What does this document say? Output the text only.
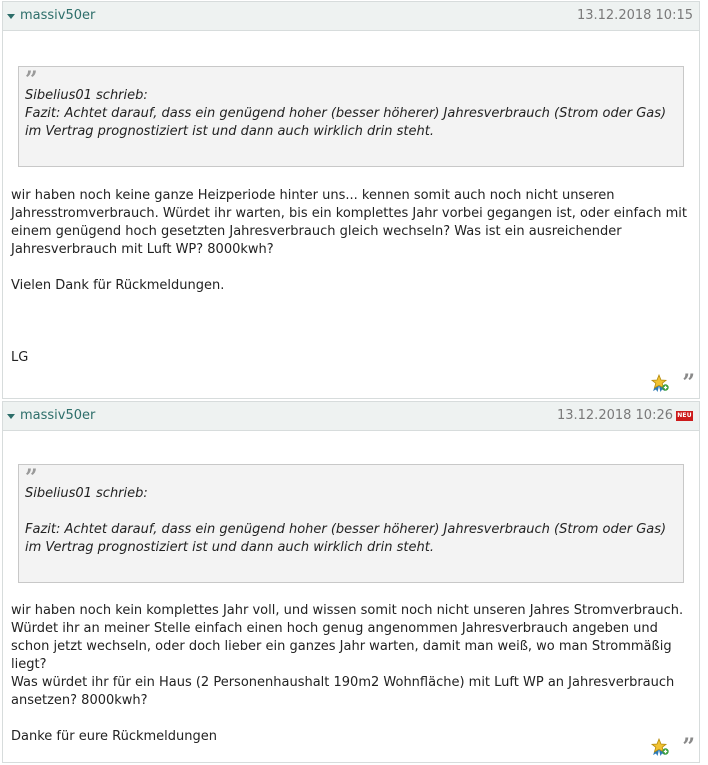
massiv50er	13.12.2018 10:15
”

Sibelius01 schrieb:

Fazit: Achtet darauf, dass ein genügend hoher (besser höherer) Jahresverbrauch (Strom oder Gas) im Vertrag prognostiziert ist und dann auch wirklich drin steht.

wir haben noch keine ganze Heizperiode hinter uns... kennen somit auch noch nicht unseren Jahresstromverbrauch. Würdet ihr warten, bis ein komplettes Jahr vorbei gegangen ist, oder einfach mit einem genügend hoch gesetzten Jahresverbrauch gleich wechseln? Was ist ein ausreichender Jahresverbrauch mit Luft WP? 8000kwh?

Vielen Dank für Rückmeldungen.

LG

”
massiv50er	13.12.2018 10:26 NEU
”

Sibelius01 schrieb:

Fazit: Achtet darauf, dass ein genügend hoher (besser höherer) Jahresverbrauch (Strom oder Gas) im Vertrag prognostiziert ist und dann auch wirklich drin steht.

wir haben noch kein komplettes Jahr voll, und wissen somit noch nicht unseren Jahres Stromverbrauch.

Würdet ihr an meiner Stelle einfach einen hoch genug angenommen Jahresverbrauch angeben und schon jetzt wechseln, oder doch lieber ein ganzes Jahr warten, damit man weiß, wo man Strommäßig liegt?

Was würdet ihr für ein Haus (2 Personenhaushalt 190m2 Wohnfläche) mit Luft WP an Jahresverbrauch ansetzen? 8000kwh?

Danke für eure Rückmeldungen	”
